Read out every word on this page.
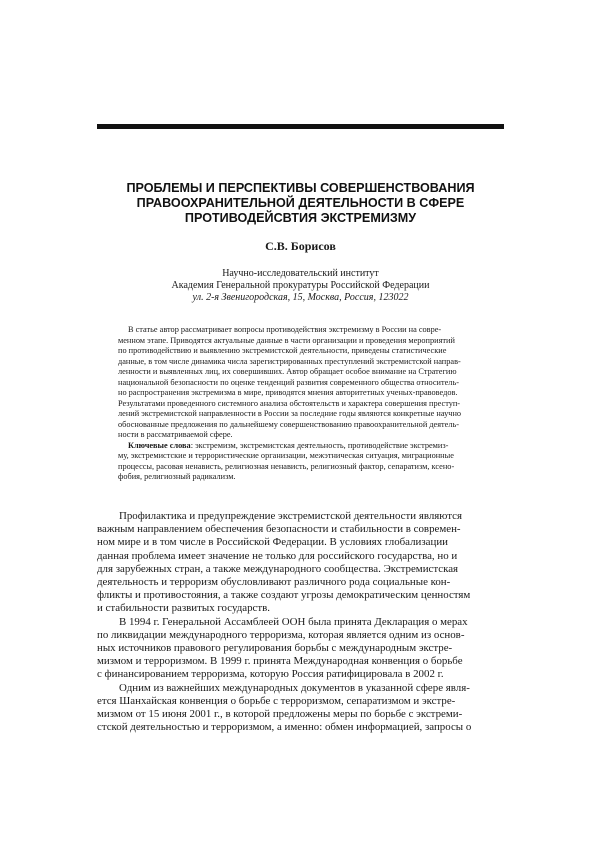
ПРОБЛЕМЫ И ПЕРСПЕКТИВЫ СОВЕРШЕНСТВОВАНИЯ
ПРАВООХРАНИТЕЛЬНОЙ ДЕЯТЕЛЬНОСТИ В СФЕРЕ
ПРОТИВОДЕЙСВТИЯ ЭКСТРЕМИЗМУ
С.В. Борисов
Научно-исследовательский институт
Академия Генеральной прокуратуры Российской Федерации
ул. 2-я Звенигородская, 15, Москва, Россия, 123022
В статье автор рассматривает вопросы противодействия экстремизму в России на совре-
менном этапе. Приводятся актуальные данные в части организации и проведения мероприятий
по противодействию и выявлению экстремистской деятельности, приведены статистические
данные, в том числе динамика числа зарегистрированных преступлений экстремистской направ-
ленности и выявленных лиц, их совершивших. Автор обращает особое внимание на Стратегию
национальной безопасности по оценке тенденций развития современного общества относитель-
но распространения экстремизма в мире, приводятся мнения авторитетных ученых-правоведов.
Результатами проведенного системного анализа обстоятельств и характера совершения преступ-
лений экстремистской направленности в России за последние годы являются конкретные научно
обоснованные предложения по дальнейшему совершенствованию правоохранительной деятель-
ности в рассматриваемой сфере.
Ключевые слова: экстремизм, экстремистская деятельность, противодействие экстремиз-
му, экстремистские и террористические организации, межэтническая ситуация, миграционные
процессы, расовая ненависть, религиозная ненависть, религиозный фактор, сепаратизм, ксено-
фобия, религиозный радикализм.
Профилактика и предупреждение экстремистской деятельности являются
важным направлением обеспечения безопасности и стабильности в современ-
ном мире и в том числе в Российской Федерации. В условиях глобализации
данная проблема имеет значение не только для российского государства, но и
для зарубежных стран, а также международного сообщества. Экстремистская
деятельность и терроризм обусловливают различного рода социальные кон-
фликты и противостояния, а также создают угрозы демократическим ценностям
и стабильности развитых государств.
В 1994 г. Генеральной Ассамблеей ООН была принята Декларация о мерах
по ликвидации международного терроризма, которая является одним из основ-
ных источников правового регулирования борьбы с международным экстре-
мизмом и терроризмом. В 1999 г. принята Международная конвенция о борьбе
с финансированием терроризма, которую Россия ратифицировала в 2002 г.
Одним из важнейших международных документов в указанной сфере явля-
ется Шанхайская конвенция о борьбе с терроризмом, сепаратизмом и экстре-
мизмом от 15 июня 2001 г., в которой предложены меры по борьбе с экстреми-
стской деятельностью и терроризмом, а именно: обмен информацией, запросы о
